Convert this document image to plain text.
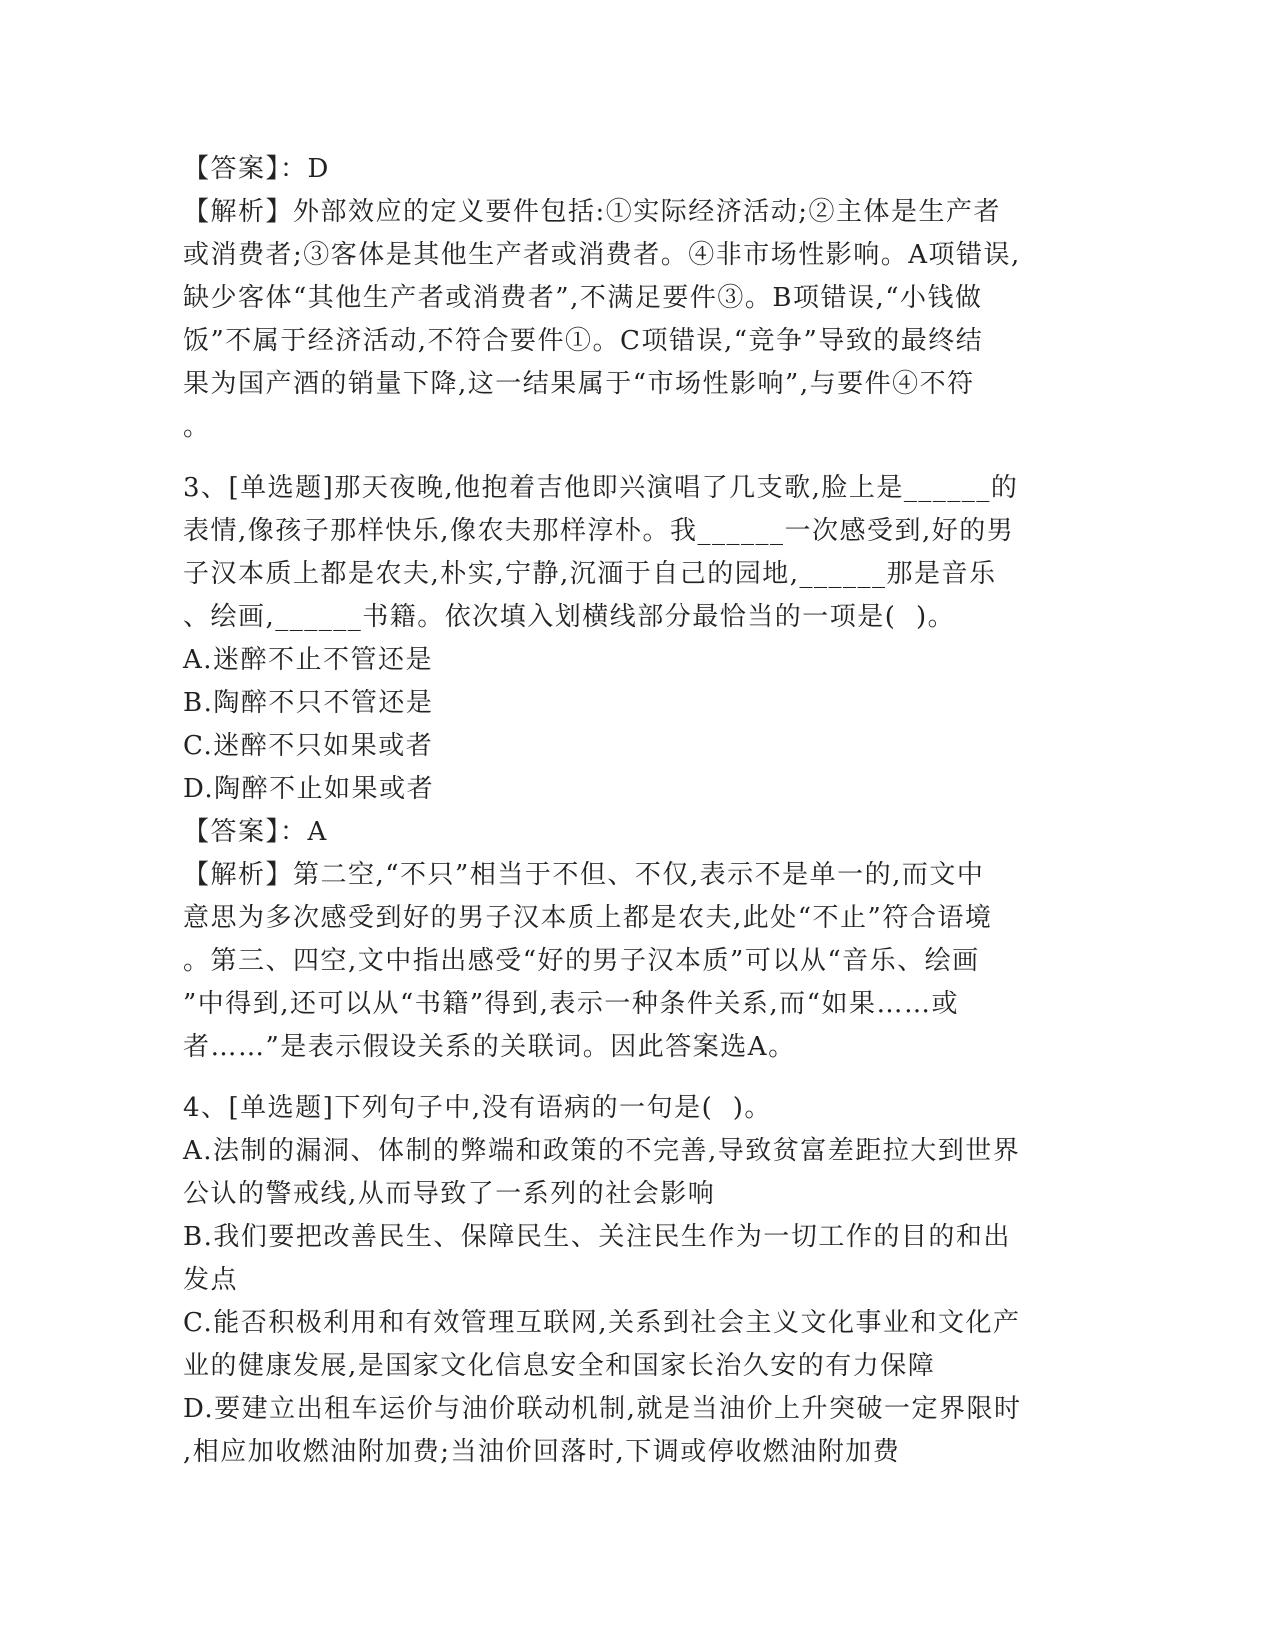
【答案】：D
【解析】外部效应的定义要件包括:①实际经济活动;②主体是生产者
或消费者;③客体是其他生产者或消费者。④非市场性影响。A项错误,
缺少客体“其他生产者或消费者”,不满足要件③。B项错误,“小钱做
饭”不属于经济活动,不符合要件①。C项错误,“竞争”导致的最终结
果为国产酒的销量下降,这一结果属于“市场性影响”,与要件④不符
。
3、[单选题]那天夜晚,他抱着吉他即兴演唱了几支歌,脸上是______的
表情,像孩子那样快乐,像农夫那样淳朴。我______一次感受到,好的男
子汉本质上都是农夫,朴实,宁静,沉湎于自己的园地,______那是音乐
、绘画,______书籍。依次填入划横线部分最恰当的一项是(  )。
A.迷醉不止不管还是
B.陶醉不只不管还是
C.迷醉不只如果或者
D.陶醉不止如果或者
【答案】：A
【解析】第二空,“不只”相当于不但、不仅,表示不是单一的,而文中
意思为多次感受到好的男子汉本质上都是农夫,此处“不止”符合语境
。第三、四空,文中指出感受“好的男子汉本质”可以从“音乐、绘画
”中得到,还可以从“书籍”得到,表示一种条件关系,而“如果……或
者……”是表示假设关系的关联词。因此答案选A。
4、[单选题]下列句子中,没有语病的一句是(  )。
A.法制的漏洞、体制的弊端和政策的不完善,导致贫富差距拉大到世界
公认的警戒线,从而导致了一系列的社会影响
B.我们要把改善民生、保障民生、关注民生作为一切工作的目的和出
发点
C.能否积极利用和有效管理互联网,关系到社会主义文化事业和文化产
业的健康发展,是国家文化信息安全和国家长治久安的有力保障
D.要建立出租车运价与油价联动机制,就是当油价上升突破一定界限时
,相应加收燃油附加费;当油价回落时,下调或停收燃油附加费
